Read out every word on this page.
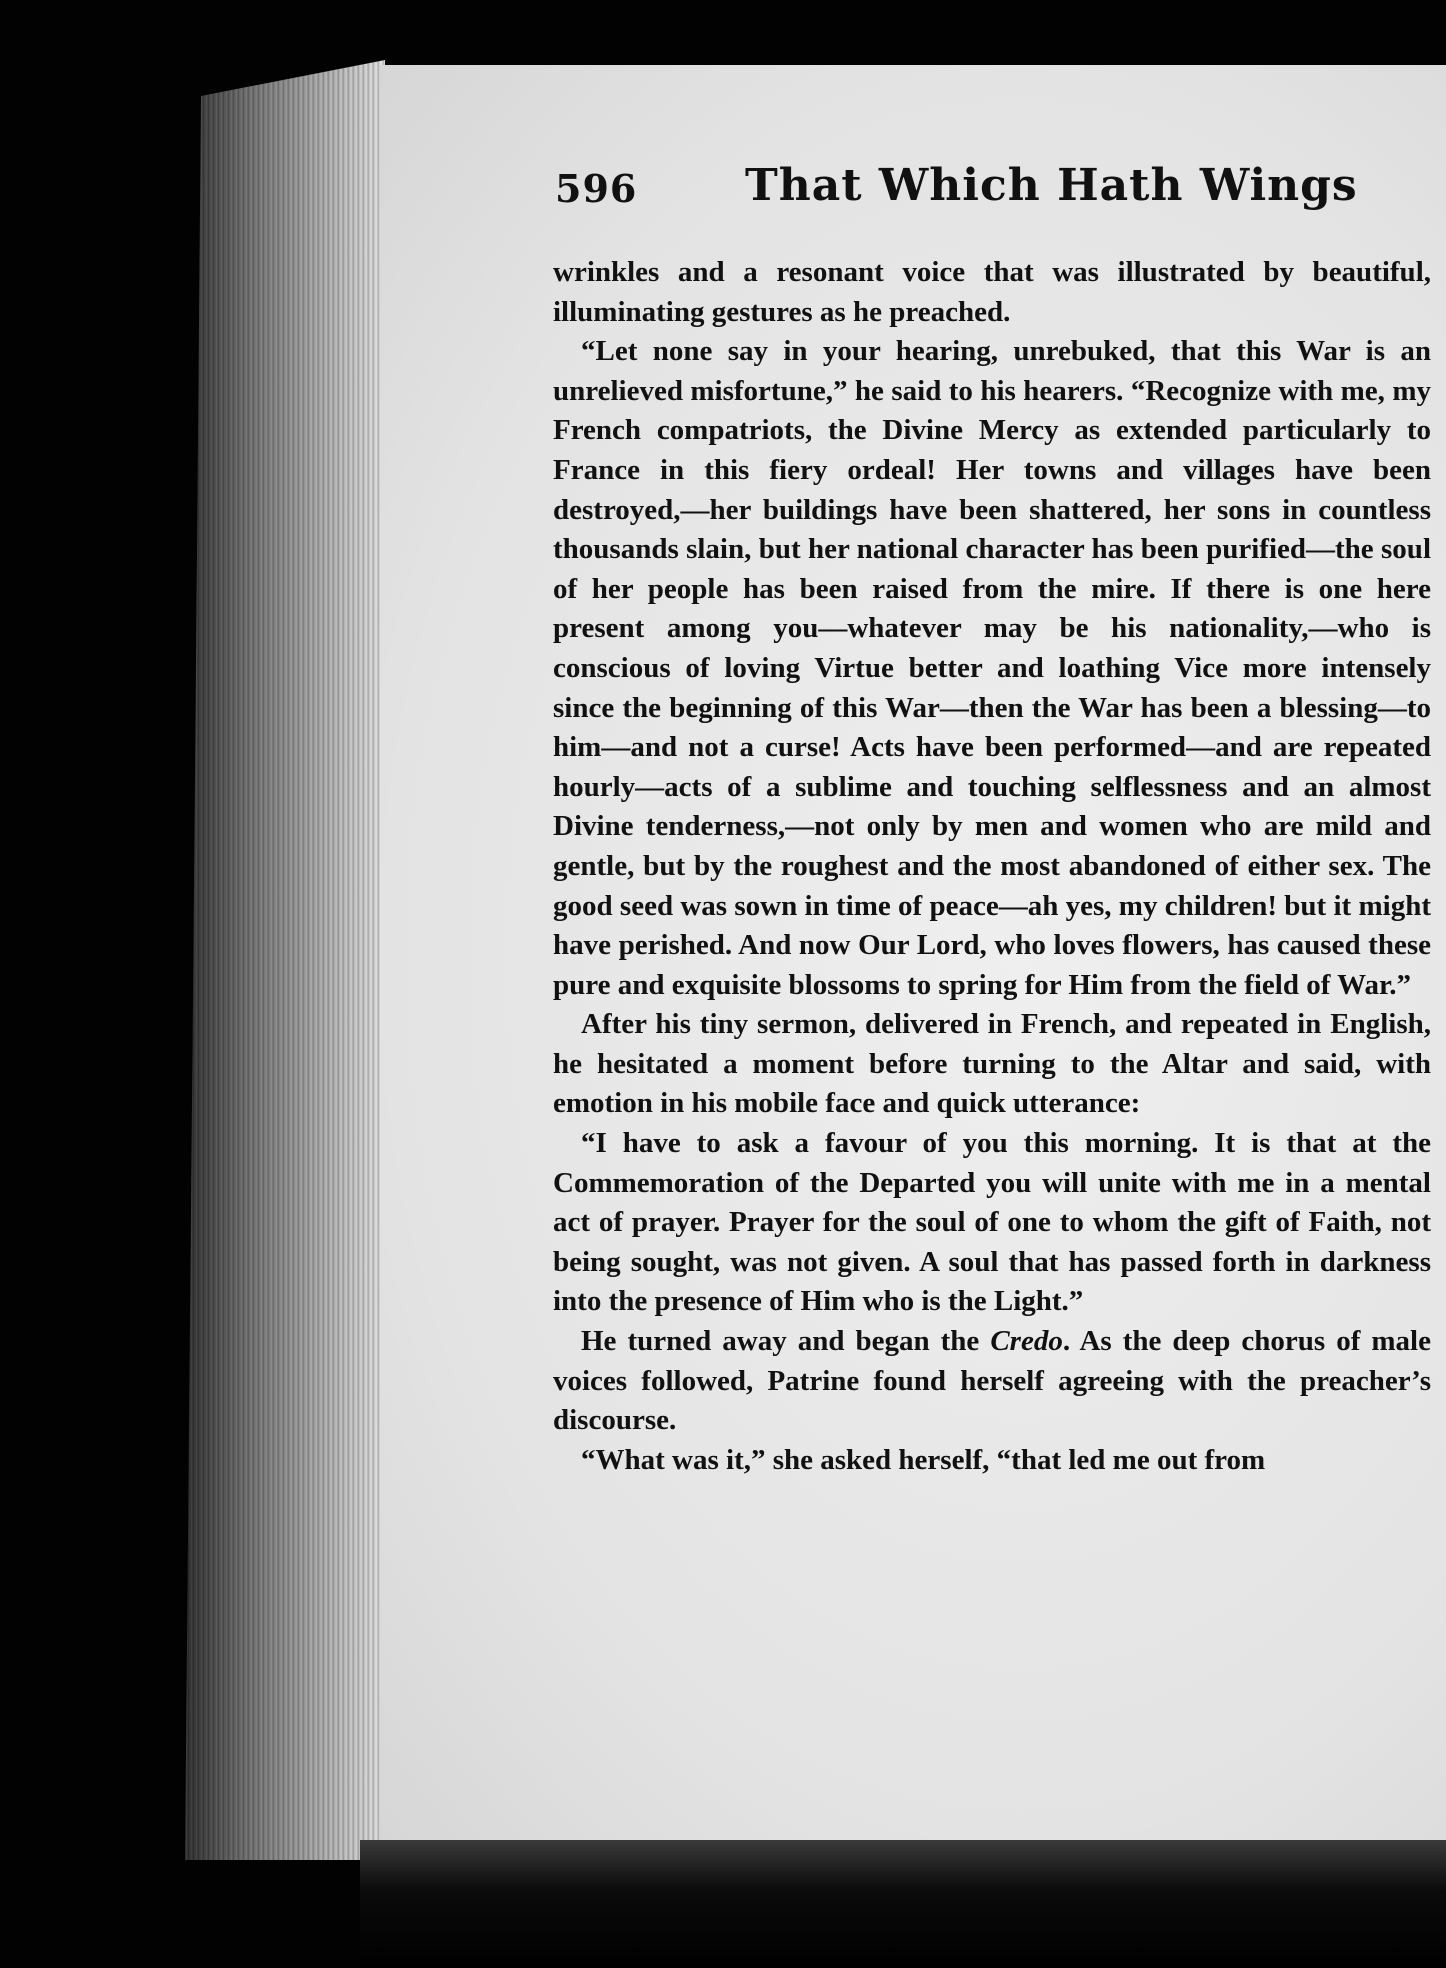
596 That Which Hath Wings

wrinkles and a resonant voice that was illustrated by beautiful, illuminating gestures as he preached.

“Let none say in your hearing, unrebuked, that this War is an unrelieved misfortune,” he said to his hearers. “Recognize with me, my French compatriots, the Divine Mercy as extended particularly to France in this fiery ordeal! Her towns and villages have been destroyed,—her buildings have been shattered, her sons in countless thousands slain, but her national character has been purified—the soul of her people has been raised from the mire. If there is one here present among you—whatever may be his nationality,—who is conscious of loving Virtue better and loathing Vice more intensely since the beginning of this War—then the War has been a blessing—to him—and not a curse! Acts have been performed—and are repeated hourly—acts of a sublime and touching selflessness and an almost Divine tenderness,—not only by men and women who are mild and gentle, but by the roughest and the most abandoned of either sex. The good seed was sown in time of peace—ah yes, my children! but it might have perished. And now Our Lord, who loves flowers, has caused these pure and exquisite blossoms to spring for Him from the field of War.”

After his tiny sermon, delivered in French, and repeated in English, he hesitated a moment before turning to the Altar and said, with emotion in his mobile face and quick utterance:

“I have to ask a favour of you this morning. It is that at the Commemoration of the Departed you will unite with me in a mental act of prayer. Prayer for the soul of one to whom the gift of Faith, not being sought, was not given. A soul that has passed forth in darkness into the presence of Him who is the Light.”

He turned away and began the Credo. As the deep chorus of male voices followed, Patrine found herself agreeing with the preacher’s discourse.

“What was it,” she asked herself, “that led me out from
